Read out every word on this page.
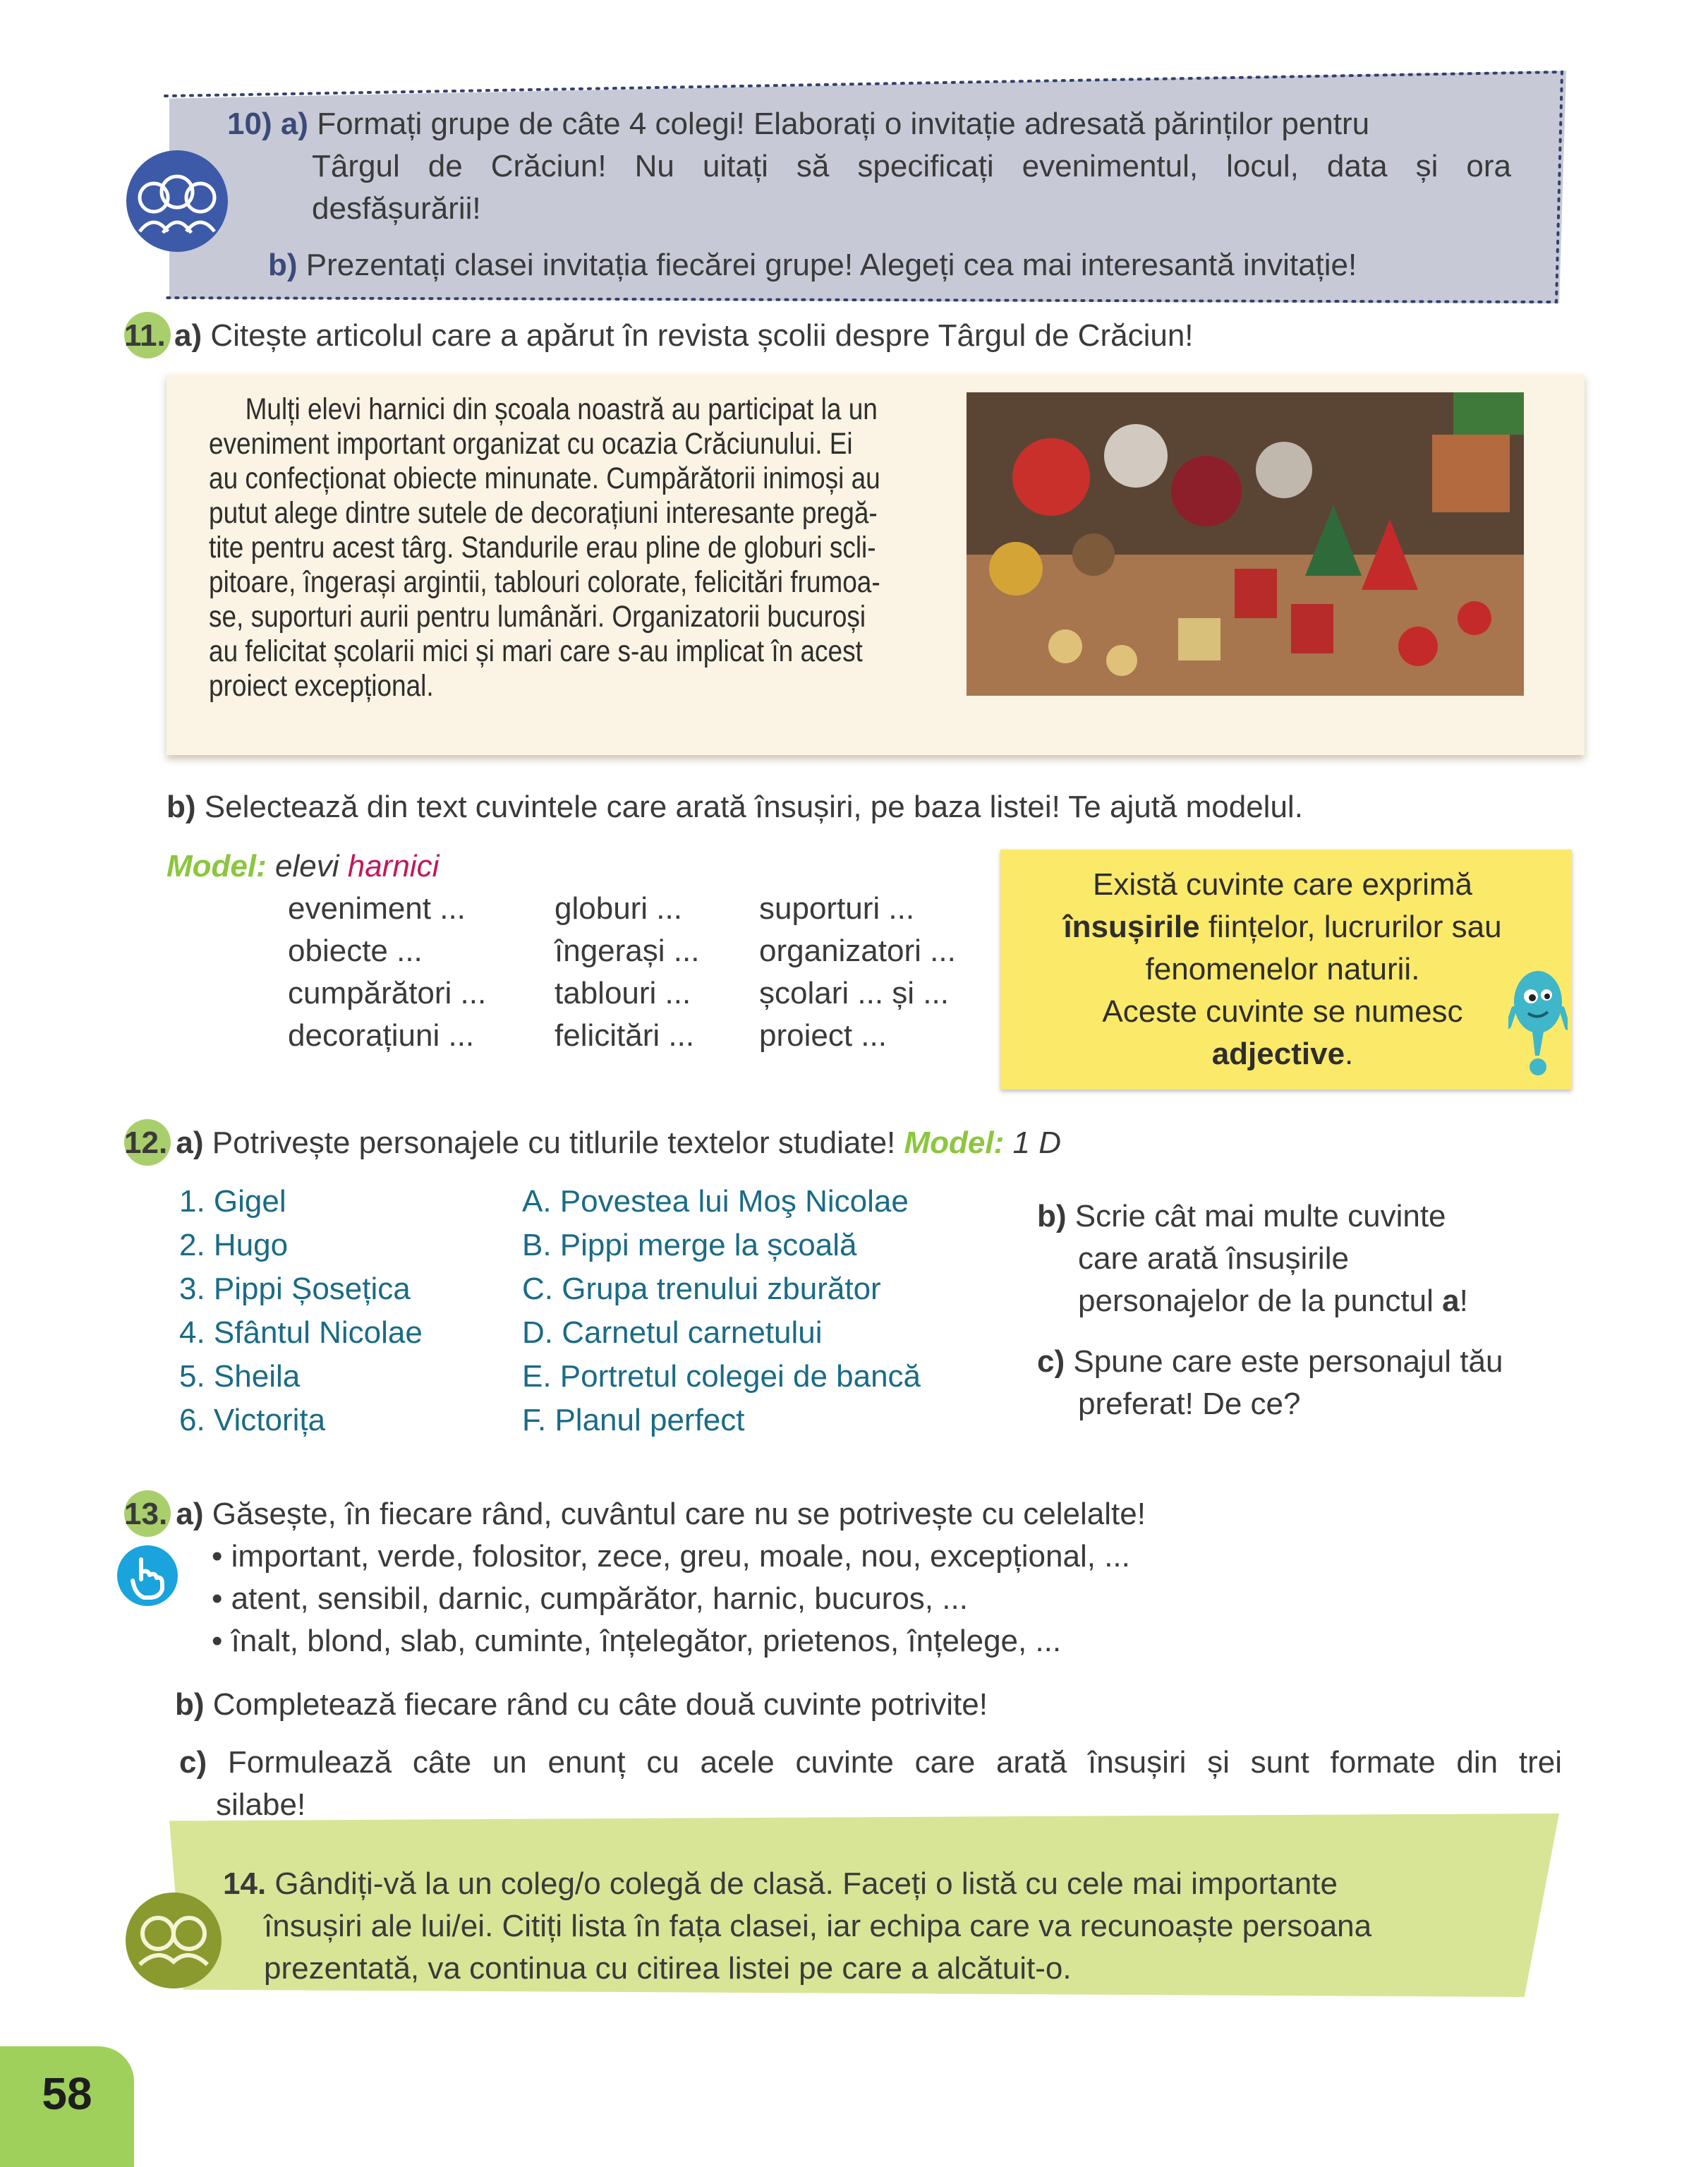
10) a) Formați grupe de câte 4 colegi! Elaborați o invitație adresată părinților pentru
Târgul de Crăciun! Nu uitați să specificați evenimentul, locul, data și ora
desfășurării!
b) Prezentați clasei invitația fiecărei grupe! Alegeți cea mai interesantă invitație!
11. a) Citește articolul care a apărut în revista școlii despre Târgul de Crăciun!
Mulți elevi harnici din școala noastră au participat la un
eveniment important organizat cu ocazia Crăciunului. Ei
au confecționat obiecte minunate. Cumpărătorii inimoși au
putut alege dintre sutele de decorațiuni interesante pregă-
tite pentru acest târg. Standurile erau pline de globuri scli-
pitoare, îngerași argintii, tablouri colorate, felicitări frumoa-
se, suporturi aurii pentru lumânări. Organizatorii bucuroși
au felicitat școlarii mici și mari care s-au implicat în acest
proiect excepțional.
b) Selectează din text cuvintele care arată însușiri, pe baza listei! Te ajută modelul.
Model: elevi harnici
eveniment ...
obiecte ...
cumpărători ...
decorațiuni ...
globuri ...
îngerași ...
tablouri ...
felicitări ...
suporturi ...
organizatori ...
școlari ... și ...
proiect ...
Există cuvinte care exprimă
însușirile ființelor, lucrurilor sau
fenomenelor naturii.
Aceste cuvinte se numesc
adjective.
12. a) Potrivește personajele cu titlurile textelor studiate! Model: 1 D
1. Gigel
2. Hugo
3. Pippi Șosețica
4. Sfântul Nicolae
5. Sheila
6. Victorița
A. Povestea lui Moş Nicolae
B. Pippi merge la școală
C. Grupa trenului zburător
D. Carnetul carnetului
E. Portretul colegei de bancă
F. Planul perfect
b) Scrie cât mai multe cuvinte
care arată însușirile
personajelor de la punctul a!
c) Spune care este personajul tău
preferat! De ce?
13. a) Găsește, în fiecare rând, cuvântul care nu se potrivește cu celelalte!
• important, verde, folositor, zece, greu, moale, nou, excepțional, ...
• atent, sensibil, darnic, cumpărător, harnic, bucuros, ...
• înalt, blond, slab, cuminte, înțelegător, prietenos, înțelege, ...
b) Completează fiecare rând cu câte două cuvinte potrivite!
c) Formulează câte un enunț cu acele cuvinte care arată însușiri și sunt formate din trei
silabe!
14. Gândiți-vă la un coleg/o colegă de clasă. Faceți o listă cu cele mai importante
însușiri ale lui/ei. Citiți lista în fața clasei, iar echipa care va recunoaște persoana
prezentată, va continua cu citirea listei pe care a alcătuit-o.
58
